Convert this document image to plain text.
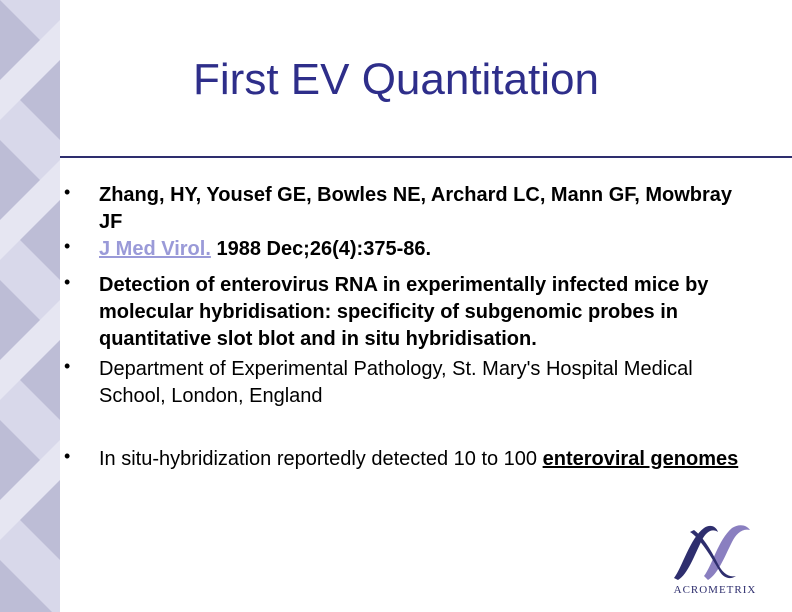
First EV Quantitation
• Zhang, HY, Yousef GE, Bowles NE, Archard LC, Mann GF, Mowbray JF
• J Med Virol. 1988 Dec;26(4):375-86.
• Detection of enterovirus RNA in experimentally infected mice by molecular hybridisation: specificity of subgenomic probes in quantitative slot blot and in situ hybridisation.
• Department of Experimental Pathology, St. Mary's Hospital Medical School, London, England
• In situ-hybridization reportedly detected 10 to 100 enteroviral genomes
ACROMETRIX
